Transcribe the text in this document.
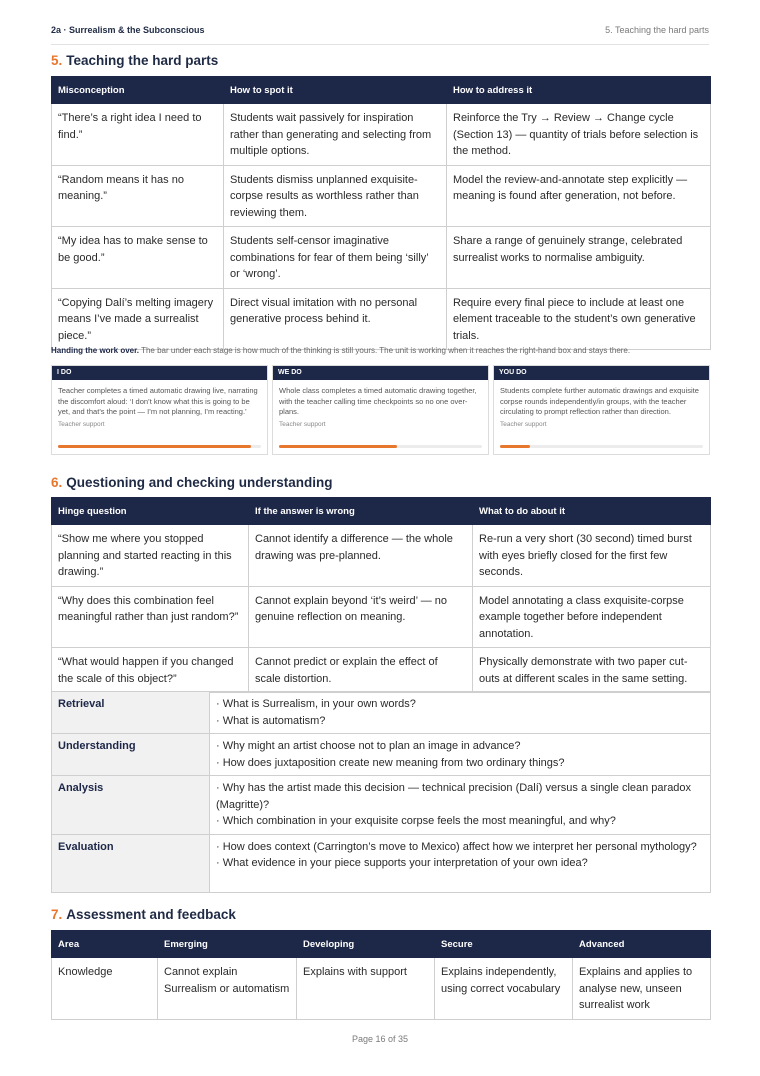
2a · Surrealism & the Subconscious	5. Teaching the hard parts
5. Teaching the hard parts
Misconception	How to spot it	How to address it
“There’s a right idea I need to find.”	Students wait passively for inspiration rather than generating and selecting from multiple options.	Reinforce the Try → Review → Change cycle (Section 13) — quantity of trials before selection is the method.
“Random means it has no meaning.”	Students dismiss unplanned exquisite-corpse results as worthless rather than reviewing them.	Model the review-and-annotate step explicitly — meaning is found after generation, not before.
“My idea has to make sense to be good.”	Students self-censor imaginative combinations for fear of them being ‘silly’ or ‘wrong’.	Share a range of genuinely strange, celebrated surrealist works to normalise ambiguity.
“Copying Dalí’s melting imagery means I’ve made a surrealist piece.”	Direct visual imitation with no personal generative process behind it.	Require every final piece to include at least one element traceable to the student’s own generative trials.
Handing the work over. The bar under each stage is how much of the thinking is still yours. The unit is working when it reaches the right-hand box and stays there.
I DO
Teacher completes a timed automatic drawing live, narrating the discomfort aloud: ‘I don’t know what this is going to be yet, and that’s the point — I’m not planning, I’m reacting.’
Teacher support
WE DO
Whole class completes a timed automatic drawing together, with the teacher calling time checkpoints so no one over-plans.
Teacher support
YOU DO
Students complete further automatic drawings and exquisite corpse rounds independently/in groups, with the teacher circulating to prompt reflection rather than direction.
Teacher support
6. Questioning and checking understanding
Hinge question	If the answer is wrong	What to do about it
“Show me where you stopped planning and started reacting in this drawing.”	Cannot identify a difference — the whole drawing was pre-planned.	Re-run a very short (30 second) timed burst with eyes briefly closed for the first few seconds.
“Why does this combination feel meaningful rather than just random?”	Cannot explain beyond ‘it’s weird’ — no genuine reflection on meaning.	Model annotating a class exquisite-corpse example together before independent annotation.
“What would happen if you changed the scale of this object?”	Cannot predict or explain the effect of scale distortion.	Physically demonstrate with two paper cut-outs at different scales in the same setting.
Retrieval	· What is Surrealism, in your own words?
· What is automatism?

Understanding	· Why might an artist choose not to plan an image in advance?
· How does juxtaposition create new meaning from two ordinary things?

Analysis	· Why has the artist made this decision — technical precision (Dalí) versus a single clean paradox (Magritte)?
· Which combination in your exquisite corpse feels the most meaningful, and why?

Evaluation	· How does context (Carrington’s move to Mexico) affect how we interpret her personal mythology?
· What evidence in your piece supports your interpretation of your own idea?
7. Assessment and feedback
Area	Emerging	Developing	Secure	Advanced
Knowledge	Cannot explain Surrealism or automatism	Explains with support	Explains independently, using correct vocabulary	Explains and applies to analyse new, unseen surrealist work
Page 16 of 35
